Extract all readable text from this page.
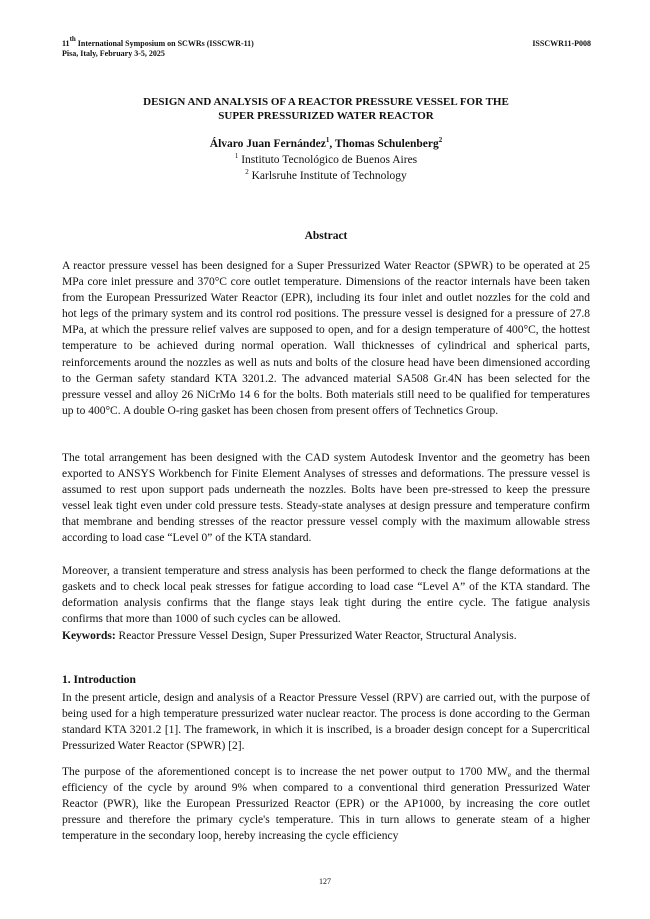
11th International Symposium on SCWRs (ISSCWR-11)
Pisa, Italy, February 3-5, 2025
ISSCWR11-P008
DESIGN AND ANALYSIS OF A REACTOR PRESSURE VESSEL FOR THE
SUPER PRESSURIZED WATER REACTOR
Álvaro Juan Fernández$^1$, Thomas Schulenberg$^2$
$^1$ Instituto Tecnológico de Buenos Aires
$^2$ Karlsruhe Institute of Technology
Abstract

A reactor pressure vessel has been designed for a Super Pressurized Water Reactor (SPWR) to be operated at 25 MPa core inlet pressure and 370°C core outlet temperature. Dimensions of the reactor internals have been taken from the European Pressurized Water Reactor (EPR), including its four inlet and outlet nozzles for the cold and hot legs of the primary system and its control rod positions. The pressure vessel is designed for a pressure of 27.8 MPa, at which the pressure relief valves are supposed to open, and for a design temperature of 400°C, the hottest temperature to be achieved during normal operation. Wall thicknesses of cylindrical and spherical parts, reinforcements around the nozzles as well as nuts and bolts of the closure head have been dimensioned according to the German safety standard KTA 3201.2. The advanced material SA508 Gr.4N has been selected for the pressure vessel and alloy 26 NiCrMo 14 6 for the bolts. Both materials still need to be qualified for temperatures up to 400°C. A double O-ring gasket has been chosen from present offers of Technetics Group.

The total arrangement has been designed with the CAD system Autodesk Inventor and the geometry has been exported to ANSYS Workbench for Finite Element Analyses of stresses and deformations. The pressure vessel is assumed to rest upon support pads underneath the nozzles. Bolts have been pre-stressed to keep the pressure vessel leak tight even under cold pressure tests. Steady-state analyses at design pressure and temperature confirm that membrane and bending stresses of the reactor pressure vessel comply with the maximum allowable stress according to load case “Level 0” of the KTA standard.

Moreover, a transient temperature and stress analysis has been performed to check the flange deformations at the gaskets and to check local peak stresses for fatigue according to load case “Level A” of the KTA standard. The deformation analysis confirms that the flange stays leak tight during the entire cycle. The fatigue analysis confirms that more than 1000 of such cycles can be allowed.

Keywords: Reactor Pressure Vessel Design, Super Pressurized Water Reactor, Structural Analysis.

1. Introduction

In the present article, design and analysis of a Reactor Pressure Vessel (RPV) are carried out, with the purpose of being used for a high temperature pressurized water nuclear reactor. The process is done according to the German standard KTA 3201.2 [1]. The framework, in which it is inscribed, is a broader design concept for a Supercritical Pressurized Water Reactor (SPWR) [2].

The purpose of the aforementioned concept is to increase the net power output to 1700 $MW_e$ and the thermal efficiency of the cycle by around 9% when compared to a conventional third generation Pressurized Water Reactor (PWR), like the European Pressurized Reactor (EPR) or the AP1000, by increasing the core outlet pressure and therefore the primary cycle's temperature. This in turn allows to generate steam of a higher temperature in the secondary loop, hereby increasing the cycle efficiency

127
